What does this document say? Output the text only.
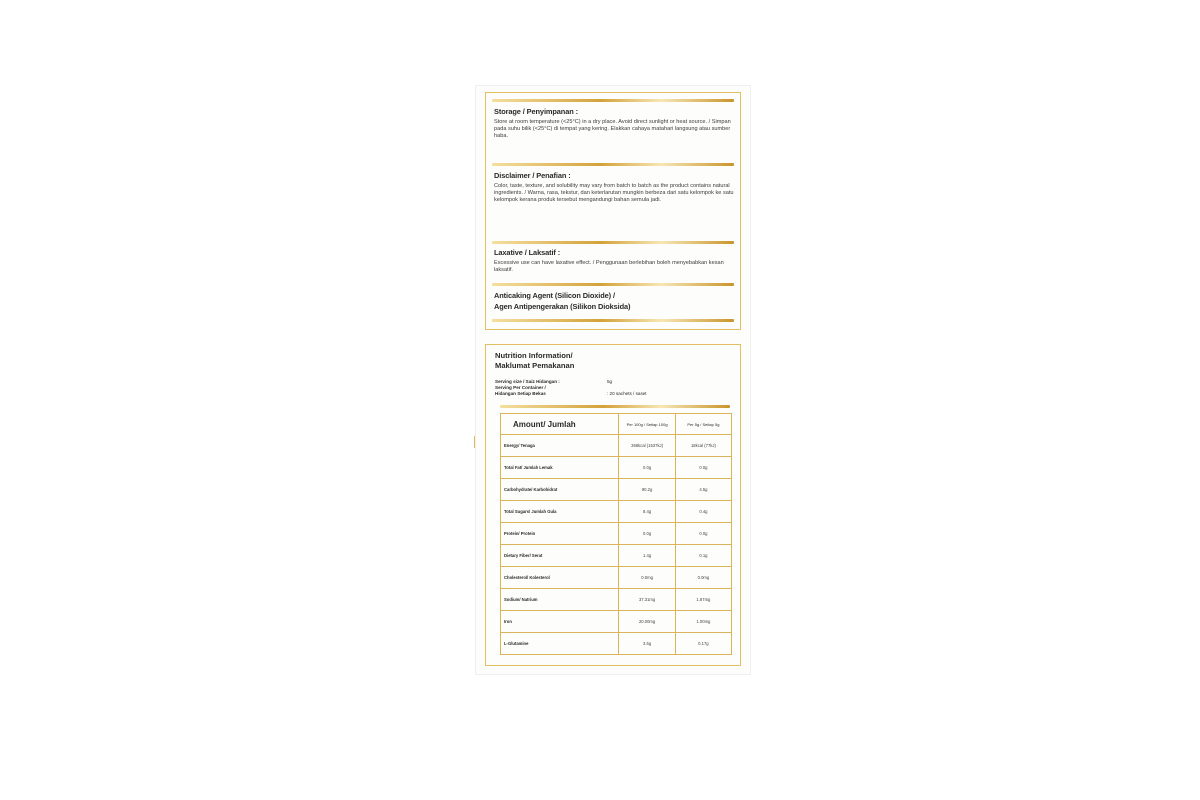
Storage / Penyimpanan :
Store at room temperature (<25°C) in a dry place. Avoid direct sunlight or heat source. / Simpan pada suhu bilik (<25°C) di tempat yang kering. Elakkan cahaya matahari langsung atau sumber haba.
Disclaimer / Penafian :
Color, taste, texture, and solubility may vary from batch to batch as the product contains natural ingredients. / Warna, rasa, tekstur, dan keterlarutan mungkin berbeza dari satu kelompok ke satu kelompok kerana produk tersebut mengandungi bahan semula jadi.
Laxative / Laksatif :
Excessive use can have laxative effect. / Penggunaan berlebihan boleh menyebabkan kesan laksatif.
Anticaking Agent (Silicon Dioxide) /
Agen Antipengerakan (Silikon Dioksida)
Nutrition Information/
Maklumat Pemakanan
Serving size / Saiz Hidangan :	5g
Serving Per Container /
Hidangan Setiap Bekas	: 20 sachets / saset
Amount/ Jumlah	Per 100g / Setiap 100g	Per 5g / Setiap 5g
Energy/ Tenaga	368kcal (1537kJ)	18kcal (77kJ)
Total Fat/ Jumlah Lemak	0.0g	0.0g
Carbohydrate/ Karbohidrat	90.2g	4.5g
Total Sugars/ Jumlah Gula	8.4g	0.4g
Protein/ Protein	0.0g	0.0g
Dietary Fiber/ Serat	1.4g	0.1g
Cholesterol/ Kolesterol	0.0mg	0.0mg
Sodium/ Natrium	37.31mg	1.87mg
Iron	20.00mg	1.00mg
L-Glutamine	3.5g	0.17g
